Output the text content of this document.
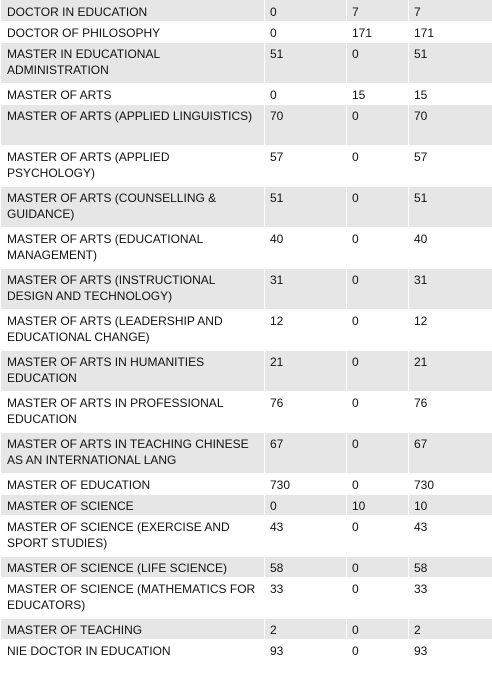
DOCTOR IN EDUCATION	0	7	7
DOCTOR OF PHILOSOPHY	0	171	171
MASTER IN EDUCATIONAL ADMINISTRATION	51	0	51
MASTER OF ARTS	0	15	15
MASTER OF ARTS (APPLIED LINGUISTICS)	70	0	70
MASTER OF ARTS (APPLIED PSYCHOLOGY)	57	0	57
MASTER OF ARTS (COUNSELLING & GUIDANCE)	51	0	51
MASTER OF ARTS (EDUCATIONAL MANAGEMENT)	40	0	40
MASTER OF ARTS (INSTRUCTIONAL DESIGN AND TECHNOLOGY)	31	0	31
MASTER OF ARTS (LEADERSHIP AND EDUCATIONAL CHANGE)	12	0	12
MASTER OF ARTS IN HUMANITIES EDUCATION	21	0	21
MASTER OF ARTS IN PROFESSIONAL EDUCATION	76	0	76
MASTER OF ARTS IN TEACHING CHINESE AS AN INTERNATIONAL LANG	67	0	67
MASTER OF EDUCATION	730	0	730
MASTER OF SCIENCE	0	10	10
MASTER OF SCIENCE (EXERCISE AND SPORT STUDIES)	43	0	43
MASTER OF SCIENCE (LIFE SCIENCE)	58	0	58
MASTER OF SCIENCE (MATHEMATICS FOR EDUCATORS)	33	0	33
MASTER OF TEACHING	2	0	2
NIE DOCTOR IN EDUCATION	93	0	93
